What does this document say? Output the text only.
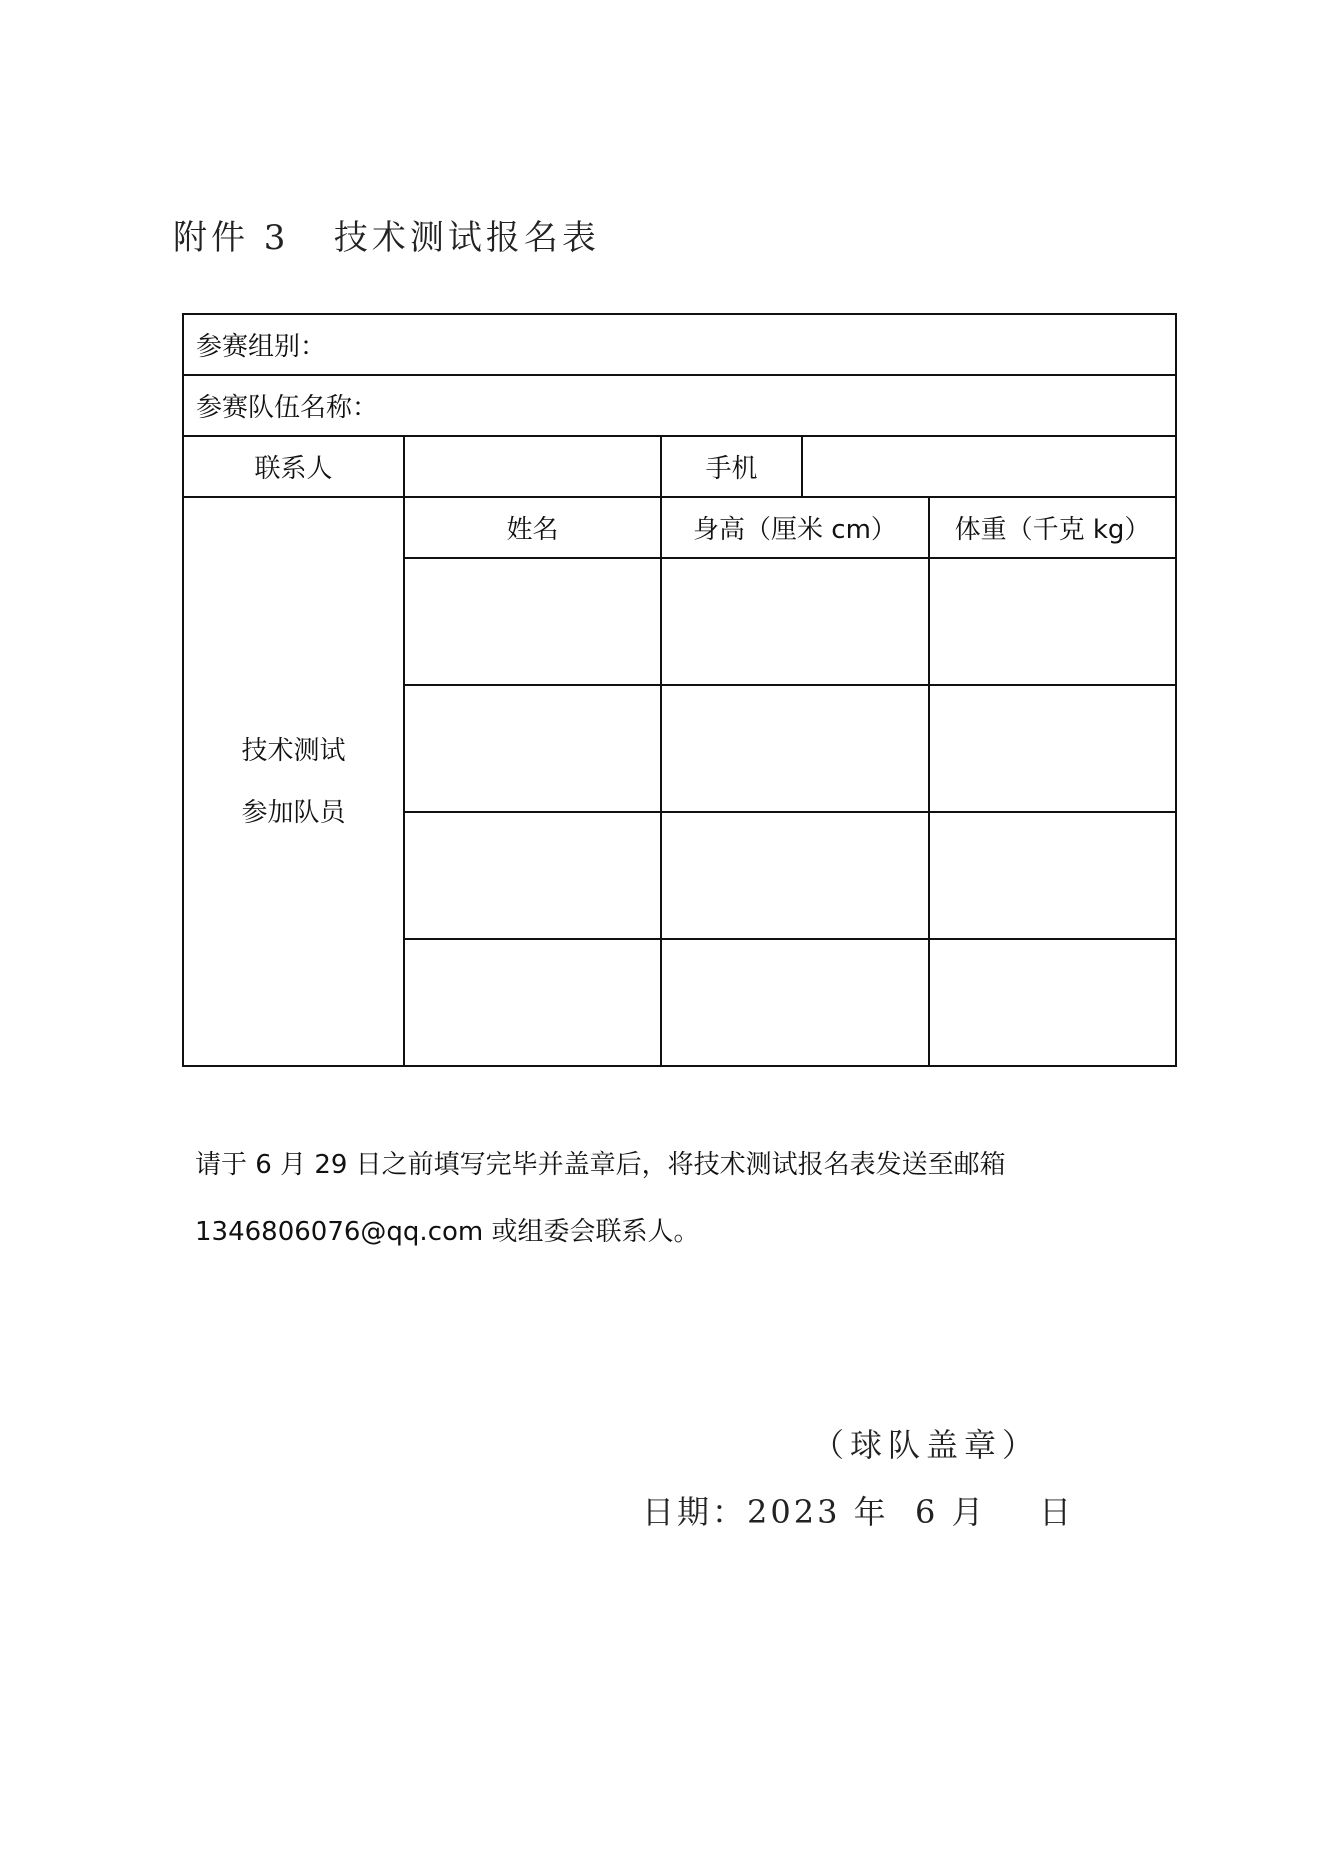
附件 3   技术测试报名表
参赛组别：				
参赛队伍名称：				
联系人		手机		

技术测试
参加队员	姓名	身高（厘米 cm）		体重（千克 kg）

请于 6 月 29 日之前填写完毕并盖章后，将技术测试报名表发送至邮箱
1346806076@qq.com 或组委会联系人。
（球队盖章）
日期：2023 年  6 月    日
